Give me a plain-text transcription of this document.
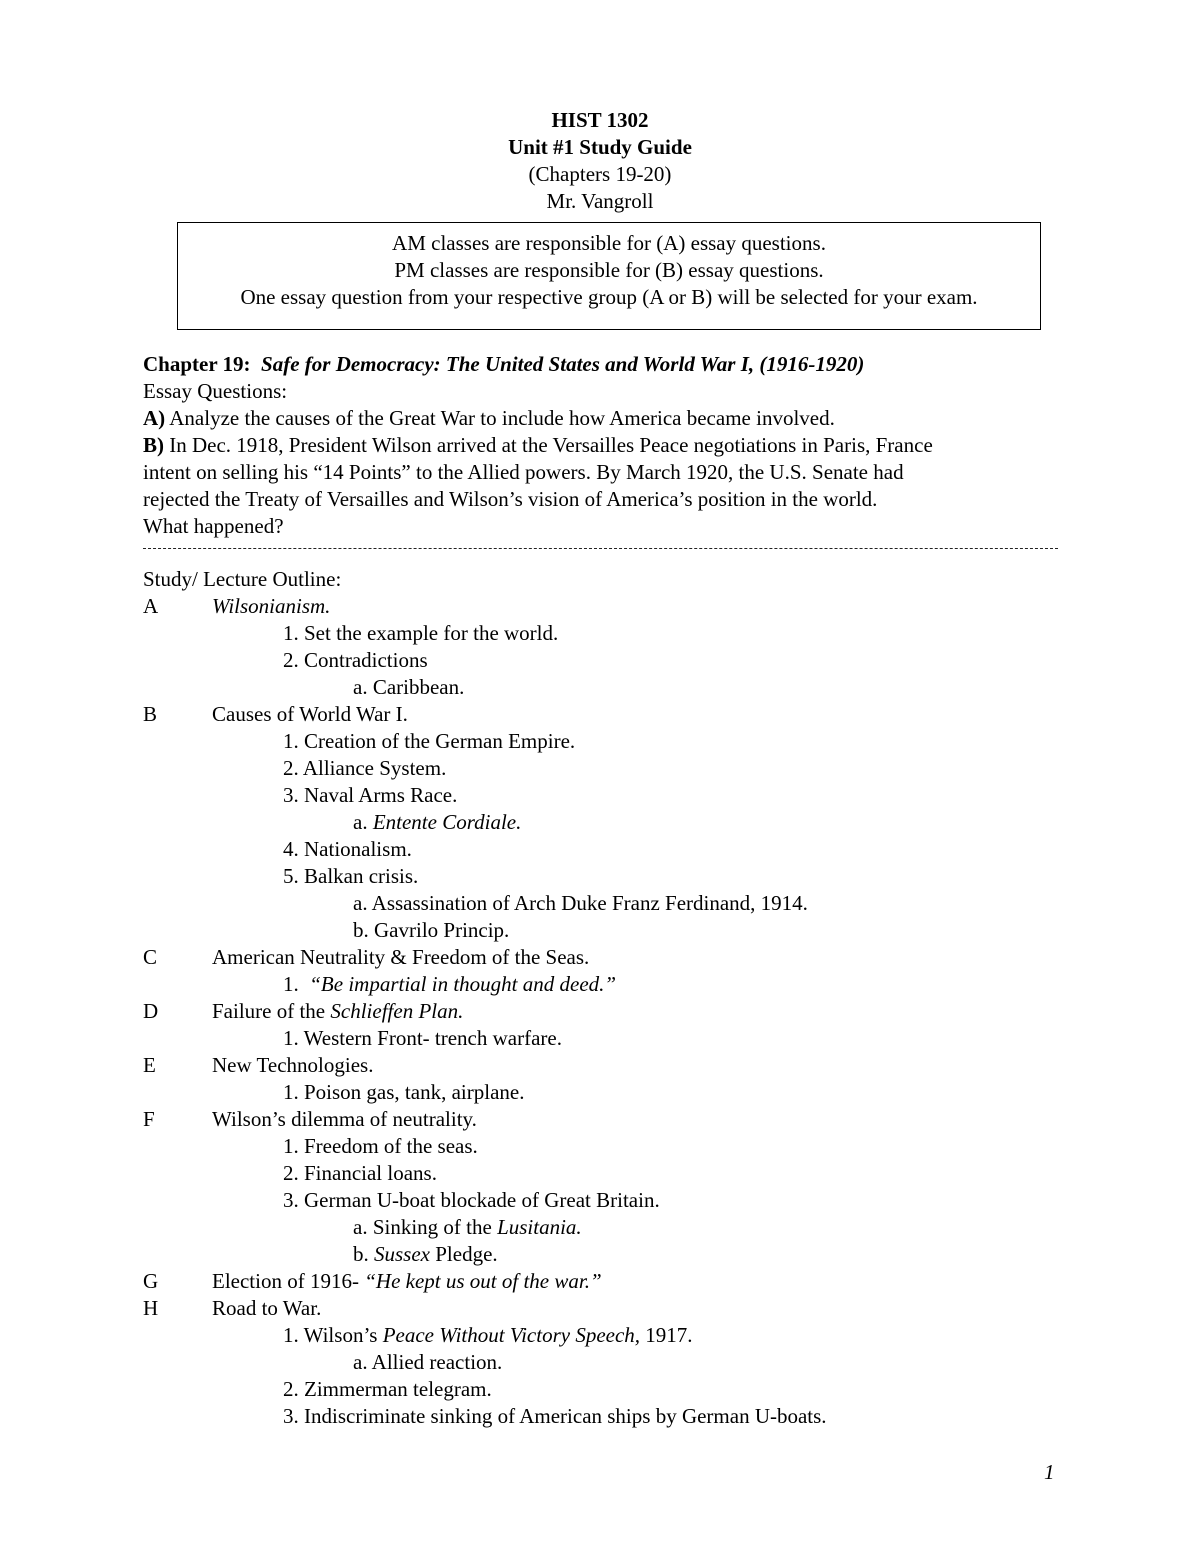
HIST 1302
Unit #1 Study Guide
(Chapters 19-20)
Mr. Vangroll
AM classes are responsible for (A) essay questions.
PM classes are responsible for (B) essay questions.
One essay question from your respective group (A or B) will be selected for your exam.
Chapter 19: Safe for Democracy: The United States and World War I, (1916-1920)
Essay Questions:
A) Analyze the causes of the Great War to include how America became involved.
B) In Dec. 1918, President Wilson arrived at the Versailles Peace negotiations in Paris, France
intent on selling his “14 Points” to the Allied powers. By March 1920, the U.S. Senate had
rejected the Treaty of Versailles and Wilson’s vision of America’s position in the world.
What happened?
Study/ Lecture Outline:
A	Wilsonianism.
1. Set the example for the world.
2. Contradictions
a. Caribbean.
B	Causes of World War I.
1. Creation of the German Empire.
2. Alliance System.
3. Naval Arms Race.
a. Entente Cordiale.
4. Nationalism.
5. Balkan crisis.
a. Assassination of Arch Duke Franz Ferdinand, 1914.
b. Gavrilo Princip.
C	American Neutrality & Freedom of the Seas.
1.  “Be impartial in thought and deed.”
D	Failure of the Schlieffen Plan.
1. Western Front- trench warfare.
E	New Technologies.
1. Poison gas, tank, airplane.
F	Wilson’s dilemma of neutrality.
1. Freedom of the seas.
2. Financial loans.
3. German U-boat blockade of Great Britain.
a. Sinking of the Lusitania.
b. Sussex Pledge.
G	Election of 1916- “He kept us out of the war.”
H	Road to War.
1. Wilson’s Peace Without Victory Speech, 1917.
a. Allied reaction.
2. Zimmerman telegram.
3. Indiscriminate sinking of American ships by German U-boats.
1
